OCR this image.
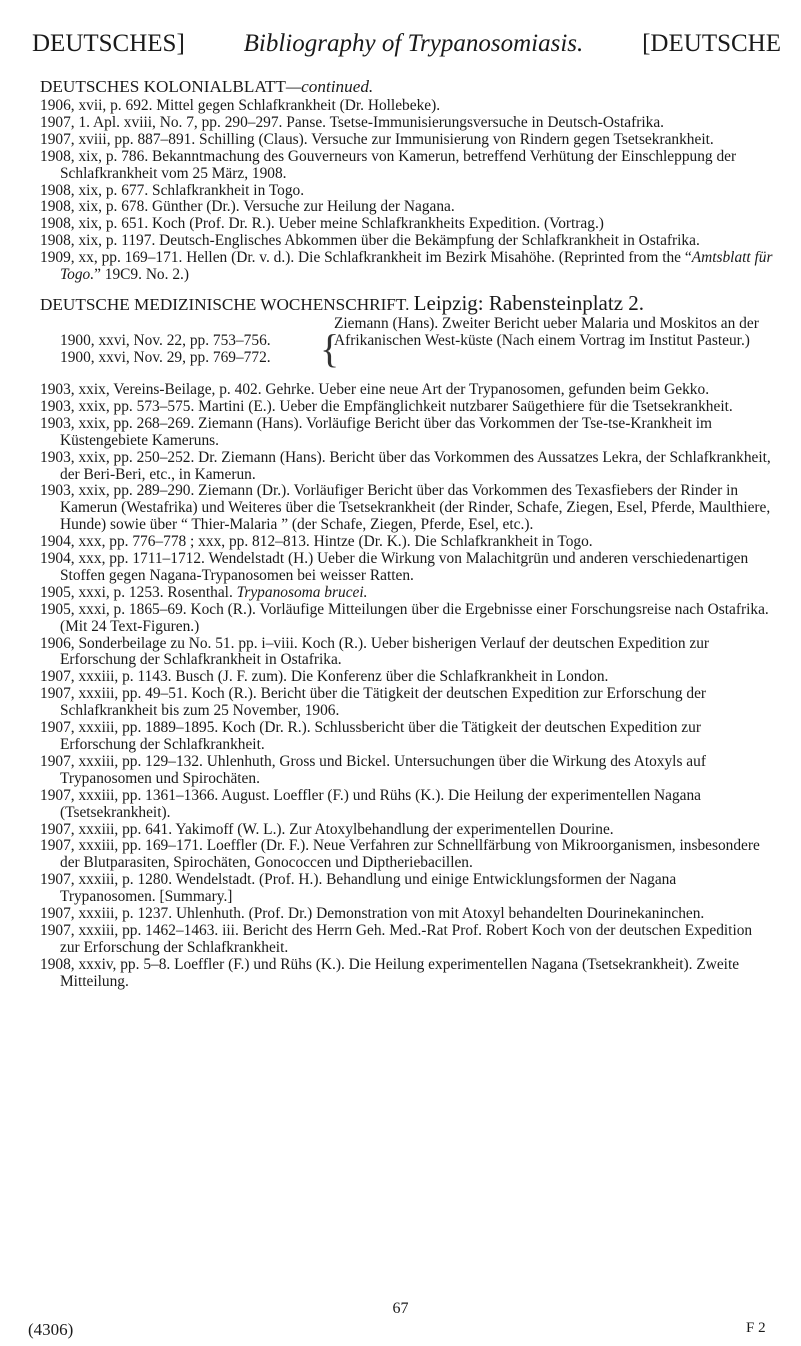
DEUTSCHES] Bibliography of Trypanosomiasis. [DEUTSCHE

DEUTSCHES KOLONIALBLATT—continued.

1906, xvii, p. 692. Mittel gegen Schlafkrankheit (Dr. Hollebeke).

1907, 1. Apl. xviii, No. 7, pp. 290–297. Panse. Tsetse-Immunisierungsversuche in Deutsch-Ostafrika.

1907, xviii, pp. 887–891. Schilling (Claus). Versuche zur Immunisierung von Rindern gegen Tsetsekrankheit.

1908, xix, p. 786. Bekanntmachung des Gouverneurs von Kamerun, betreffend Verhütung der Einschleppung der Schlafkrankheit vom 25 März, 1908.

1908, xix, p. 677. Schlafkrankheit in Togo.

1908, xix, p. 678. Günther (Dr.). Versuche zur Heilung der Nagana.

1908, xix, p. 651. Koch (Prof. Dr. R.). Ueber meine Schlafkrankheits Expedition. (Vortrag.)

1908, xix, p. 1197. Deutsch-Englisches Abkommen über die Bekämpfung der Schlafkrankheit in Ostafrika.

1909, xx, pp. 169–171. Hellen (Dr. v. d.). Die Schlafkrankheit im Bezirk Misahöhe. (Reprinted from the “Amtsblatt für Togo.” 19C9. No. 2.)

DEUTSCHE MEDIZINISCHE WOCHENSCHRIFT. Leipzig: Rabensteinplatz 2.

1900, xxvi, Nov. 22, pp. 753–756.
1900, xxvi, Nov. 29, pp. 769–772.	{
Ziemann (Hans). Zweiter Bericht ueber Malaria und Moskitos an der Afrikanischen West-küste (Nach einem Vortrag im Institut Pasteur.)

1903, xxix, Vereins-Beilage, p. 402. Gehrke. Ueber eine neue Art der Trypanosomen, gefunden beim Gekko.

1903, xxix, pp. 573–575. Martini (E.). Ueber die Empfänglichkeit nutzbarer Saügethiere für die Tsetsekrankheit.

1903, xxix, pp. 268–269. Ziemann (Hans). Vorläufige Bericht über das Vorkommen der Tse-tse-Krankheit im Küstengebiete Kameruns.

1903, xxix, pp. 250–252. Dr. Ziemann (Hans). Bericht über das Vorkommen des Aussatzes Lekra, der Schlafkrankheit, der Beri-Beri, etc., in Kamerun.

1903, xxix, pp. 289–290. Ziemann (Dr.). Vorläufiger Bericht über das Vorkommen des Texasfiebers der Rinder in Kamerun (Westafrika) und Weiteres über die Tsetsekrankheit (der Rinder, Schafe, Ziegen, Esel, Pferde, Maulthiere, Hunde) sowie über “ Thier-Malaria ” (der Schafe, Ziegen, Pferde, Esel, etc.).

1904, xxx, pp. 776–778 ; xxx, pp. 812–813. Hintze (Dr. K.). Die Schlafkrankheit in Togo.

1904, xxx, pp. 1711–1712. Wendelstadt (H.) Ueber die Wirkung von Malachitgrün und anderen verschiedenartigen Stoffen gegen Nagana-Trypanosomen bei weisser Ratten.

1905, xxxi, p. 1253. Rosenthal. Trypanosoma brucei.

1905, xxxi, p. 1865–69. Koch (R.). Vorläufige Mitteilungen über die Ergebnisse einer Forschungsreise nach Ostafrika. (Mit 24 Text-Figuren.)

1906, Sonderbeilage zu No. 51. pp. i–viii. Koch (R.). Ueber bisherigen Verlauf der deutschen Expedition zur Erforschung der Schlafkrankheit in Ostafrika.

1907, xxxiii, p. 1143. Busch (J. F. zum). Die Konferenz über die Schlafkrankheit in London.

1907, xxxiii, pp. 49–51. Koch (R.). Bericht über die Tätigkeit der deutschen Expedition zur Erforschung der Schlafkrankheit bis zum 25 November, 1906.

1907, xxxiii, pp. 1889–1895. Koch (Dr. R.). Schlussbericht über die Tätigkeit der deutschen Expedition zur Erforschung der Schlafkrankheit.

1907, xxxiii, pp. 129–132. Uhlenhuth, Gross und Bickel. Untersuchungen über die Wirkung des Atoxyls auf Trypanosomen und Spirochäten.

1907, xxxiii, pp. 1361–1366. August. Loeffler (F.) und Rühs (K.). Die Heilung der experimentellen Nagana (Tsetsekrankheit).

1907, xxxiii, pp. 641. Yakimoff (W. L.). Zur Atoxylbehandlung der experimentellen Dourine.

1907, xxxiii, pp. 169–171. Loeffler (Dr. F.). Neue Verfahren zur Schnellfärbung von Mikroorganismen, insbesondere der Blutparasiten, Spirochäten, Gonococcen und Diptheriebacillen.

1907, xxxiii, p. 1280. Wendelstadt. (Prof. H.). Behandlung und einige Entwicklungsformen der Nagana Trypanosomen. [Summary.]

1907, xxxiii, p. 1237. Uhlenhuth. (Prof. Dr.) Demonstration von mit Atoxyl behandelten Dourinekaninchen.

1907, xxxiii, pp. 1462–1463. iii. Bericht des Herrn Geh. Med.-Rat Prof. Robert Koch von der deutschen Expedition zur Erforschung der Schlafkrankheit.

1908, xxxiv, pp. 5–8. Loeffler (F.) und Rühs (K.). Die Heilung experimentellen Nagana (Tsetsekrankheit). Zweite Mitteilung.

67
(4306)	F 2
